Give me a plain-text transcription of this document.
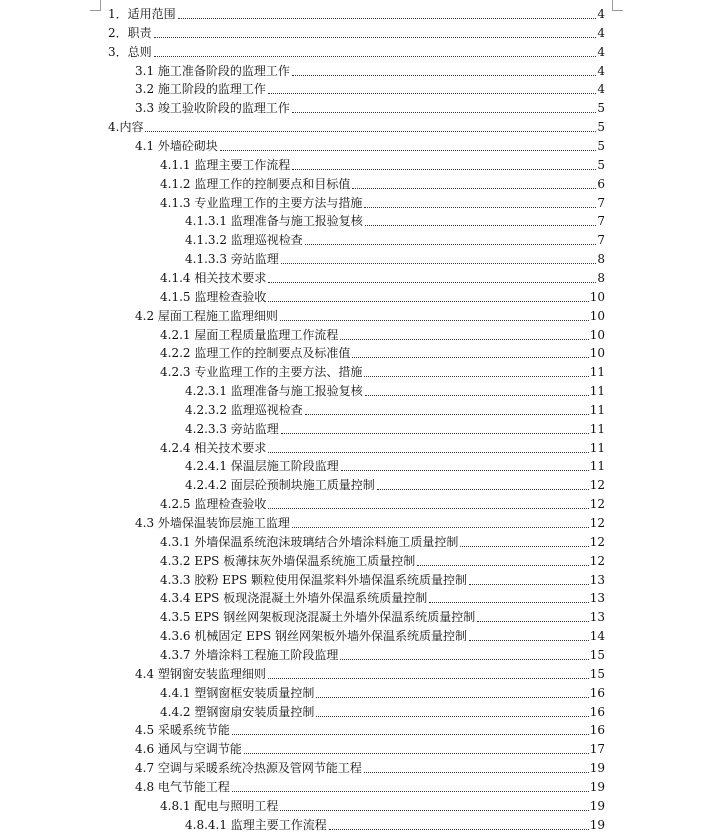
1．适用范围	4
2．职责	4
3．总则	4
3.1 施工准备阶段的监理工作	4
3.2 施工阶段的监理工作	4
3.3 竣工验收阶段的监理工作	5
4.内容	5
4.1 外墙砼砌块	5
4.1.1 监理主要工作流程	5
4.1.2 监理工作的控制要点和目标值	6
4.1.3 专业监理工作的主要方法与措施	7
4.1.3.1 监理准备与施工报验复核	7
4.1.3.2 监理巡视检查	7
4.1.3.3 旁站监理	8
4.1.4 相关技术要求	8
4.1.5 监理检查验收	10
4.2 屋面工程施工监理细则	10
4.2.1 屋面工程质量监理工作流程	10
4.2.2 监理工作的控制要点及标准值	10
4.2.3 专业监理工作的主要方法、措施	11
4.2.3.1 监理准备与施工报验复核	11
4.2.3.2 监理巡视检查	11
4.2.3.3 旁站监理	11
4.2.4 相关技术要求	11
4.2.4.1 保温层施工阶段监理	11
4.2.4.2 面层砼预制块施工质量控制	12
4.2.5 监理检查验收	12
4.3 外墙保温装饰层施工监理	12
4.3.1 外墙保温系统泡沫玻璃结合外墙涂料施工质量控制	12
4.3.2 EPS 板薄抹灰外墙保温系统施工质量控制	12
4.3.3 胶粉 EPS 颗粒使用保温浆料外墙保温系统质量控制	13
4.3.4 EPS 板现浇混凝土外墙外保温系统质量控制	13
4.3.5 EPS 钢丝网架板现浇混凝土外墙外保温系统质量控制	13
4.3.6 机械固定 EPS 钢丝网架板外墙外保温系统质量控制	14
4.3.7 外墙涂料工程施工阶段监理	15
4.4 塑钢窗安装监理细则	15
4.4.1 塑钢窗框安装质量控制	16
4.4.2 塑钢窗扇安装质量控制	16
4.5 采暖系统节能	16
4.6 通风与空调节能	17
4.7 空调与采暖系统冷热源及管网节能工程	19
4.8 电气节能工程	19
4.8.1 配电与照明工程	19
4.8.4.1 监理主要工作流程	19
